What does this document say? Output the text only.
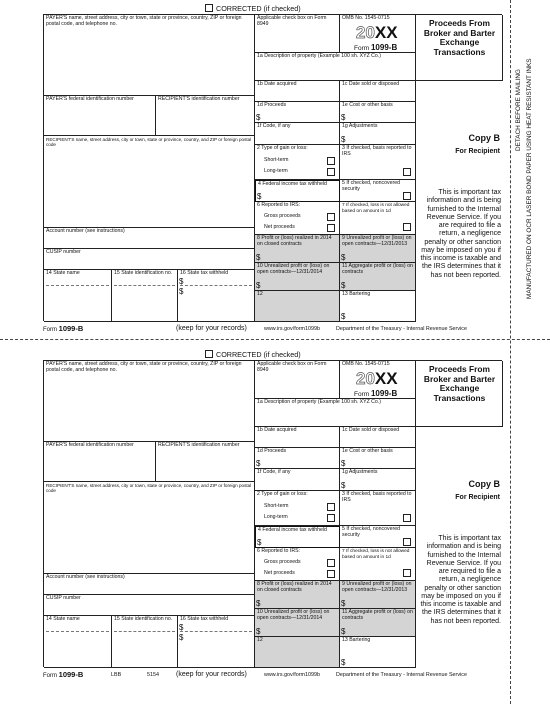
CORRECTED (if checked)
PAYER'S name, street address, city or town, state or province, country, ZIP or foreign postal code, and telephone no.
PAYER'S federal identification number	RECIPIENT'S identification number
RECIPIENT'S name, street address, city or town, state or province, country, and ZIP or foreign postal code
Account number (see instructions)
CUSIP number
14 State name	15 State identification no.	16 State tax withheld
$
$
Applicable check box on Form 8949
OMB No. 1545-0715
20XX
Form 1099-B
Proceeds From Broker and Barter Exchange Transactions
1a Description of property (Example 100 sh. XYZ Co.)
1b Date acquired	1c Date sold or disposed
1d Proceeds
$
1e Cost or other basis
$
1f Code, if any	1g Adjustments
$
2 Type of gain or loss:
Short-term
Long-term
3 If checked, basis reported to IRS
4 Federal income tax withheld
$
5 If checked, noncovered security
6 Reported to IRS:
Gross proceeds
Net proceeds
7 If checked, loss is not allowed based on amount in 1d
8 Profit or (loss) realized in 2014 on closed contracts
$
9 Unrealized profit or (loss) on open contracts—12/31/2013
$
10 Unrealized profit or (loss) on open contracts—12/31/2014
$
11 Aggregate profit or (loss) on contracts
$
12	13 Bartering
$
Copy B
For Recipient
This is important tax information and is being furnished to the Internal Revenue Service. If you are required to file a return, a negligence penalty or other sanction may be imposed on you if this income is taxable and the IRS determines that it has not been reported.
Form 1099-B	(keep for your records)	www.irs.gov/form1099b	Department of the Treasury - Internal Revenue Service
CORRECTED (if checked)
PAYER'S name, street address, city or town, state or province, country, ZIP or foreign postal code, and telephone no.
PAYER'S federal identification number	RECIPIENT'S identification number
RECIPIENT'S name, street address, city or town, state or province, country, and ZIP or foreign postal code
Account number (see instructions)
CUSIP number
14 State name	15 State identification no.	16 State tax withheld
$
$
Applicable check box on Form 8949
OMB No. 1545-0715
20XX
Form 1099-B
Proceeds From Broker and Barter Exchange Transactions
1a Description of property (Example 100 sh. XYZ Co.)
1b Date acquired	1c Date sold or disposed
1d Proceeds
$
1e Cost or other basis
$
1f Code, if any	1g Adjustments
$
2 Type of gain or loss:
Short-term
Long-term
3 If checked, basis reported to IRS
4 Federal income tax withheld
$
5 If checked, noncovered security
6 Reported to IRS:
Gross proceeds
Net proceeds
7 If checked, loss is not allowed based on amount in 1d
8 Profit or (loss) realized in 2014 on closed contracts
$
9 Unrealized profit or (loss) on open contracts—12/31/2013
$
10 Unrealized profit or (loss) on open contracts—12/31/2014
$
11 Aggregate profit or (loss) on contracts
$
12	13 Bartering
$
Copy B
For Recipient
This is important tax information and is being furnished to the Internal Revenue Service. If you are required to file a return, a negligence penalty or other sanction may be imposed on you if this income is taxable and the IRS determines that it has not been reported.
Form 1099-B	LBB	5154 (keep for your records)	www.irs.gov/form1099b	Department of the Treasury - Internal Revenue Service
DETACH BEFORE MAILING MANUFACTURED ON OCR LASER BOND PAPER USING HEAT RESISTANT INKS
